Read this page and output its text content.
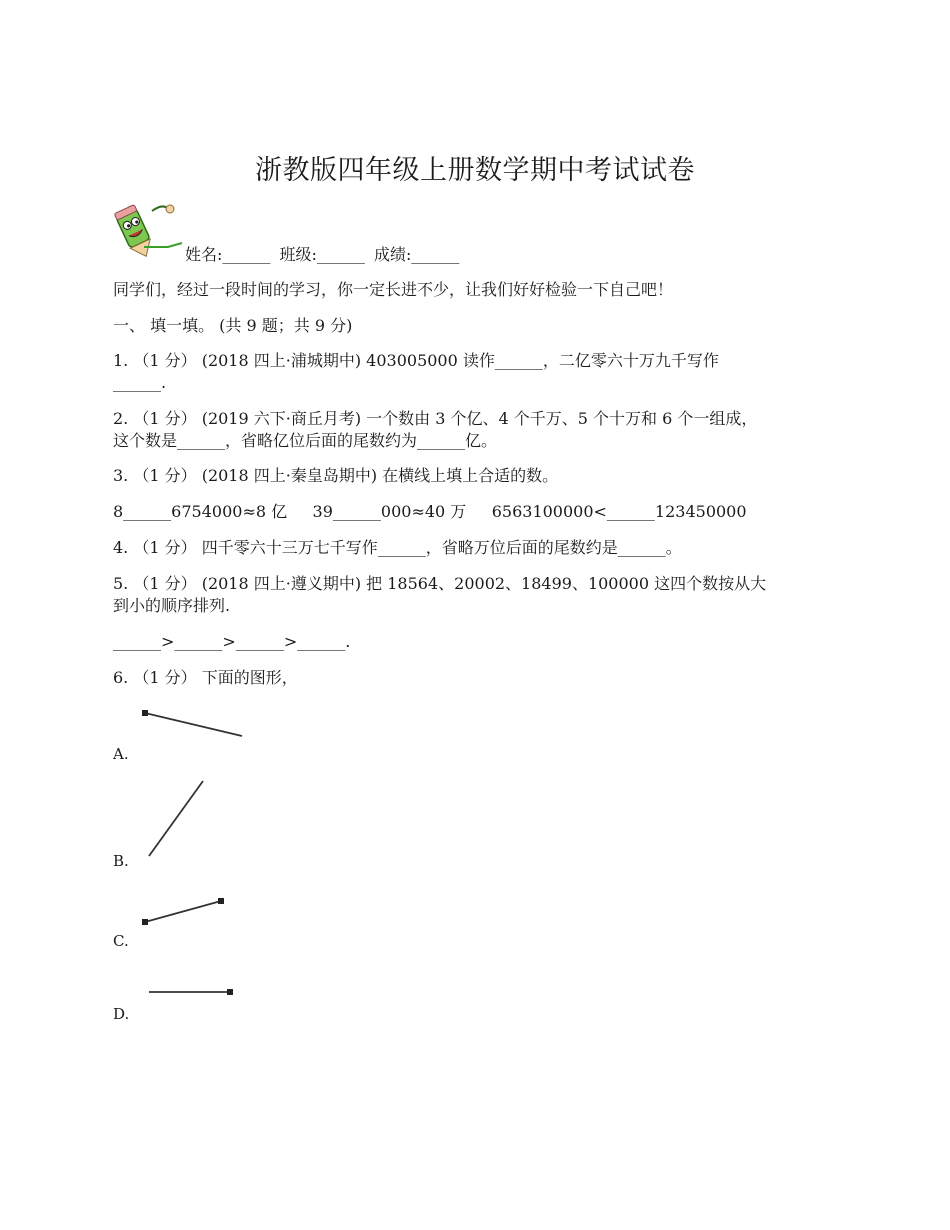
浙教版四年级上册数学期中考试试卷
姓名:______ 班级:______ 成绩:______
同学们，经过一段时间的学习，你一定长进不少，让我们好好检验一下自己吧！
一、 填一填。 (共 9 题；共 9 分)
1. （1 分） (2018 四上·浦城期中) 403005000 读作______，二亿零六十万九千写作
______.
2. （1 分） (2019 六下·商丘月考) 一个数由 3 个亿、4 个千万、5 个十万和 6 个一组成，
这个数是______，省略亿位后面的尾数约为______亿。
3. （1 分） (2018 四上·秦皇岛期中) 在横线上填上合适的数。
8______6754000≈8 亿     39______000≈40 万     6563100000<______123450000
4. （1 分） 四千零六十三万七千写作______，省略万位后面的尾数约是______。
5. （1 分） (2018 四上·遵义期中) 把 18564、20002、18499、100000 这四个数按从大
到小的顺序排列.
______>______>______>______.
6. （1 分） 下面的图形，
A.
B.
C.
D.
